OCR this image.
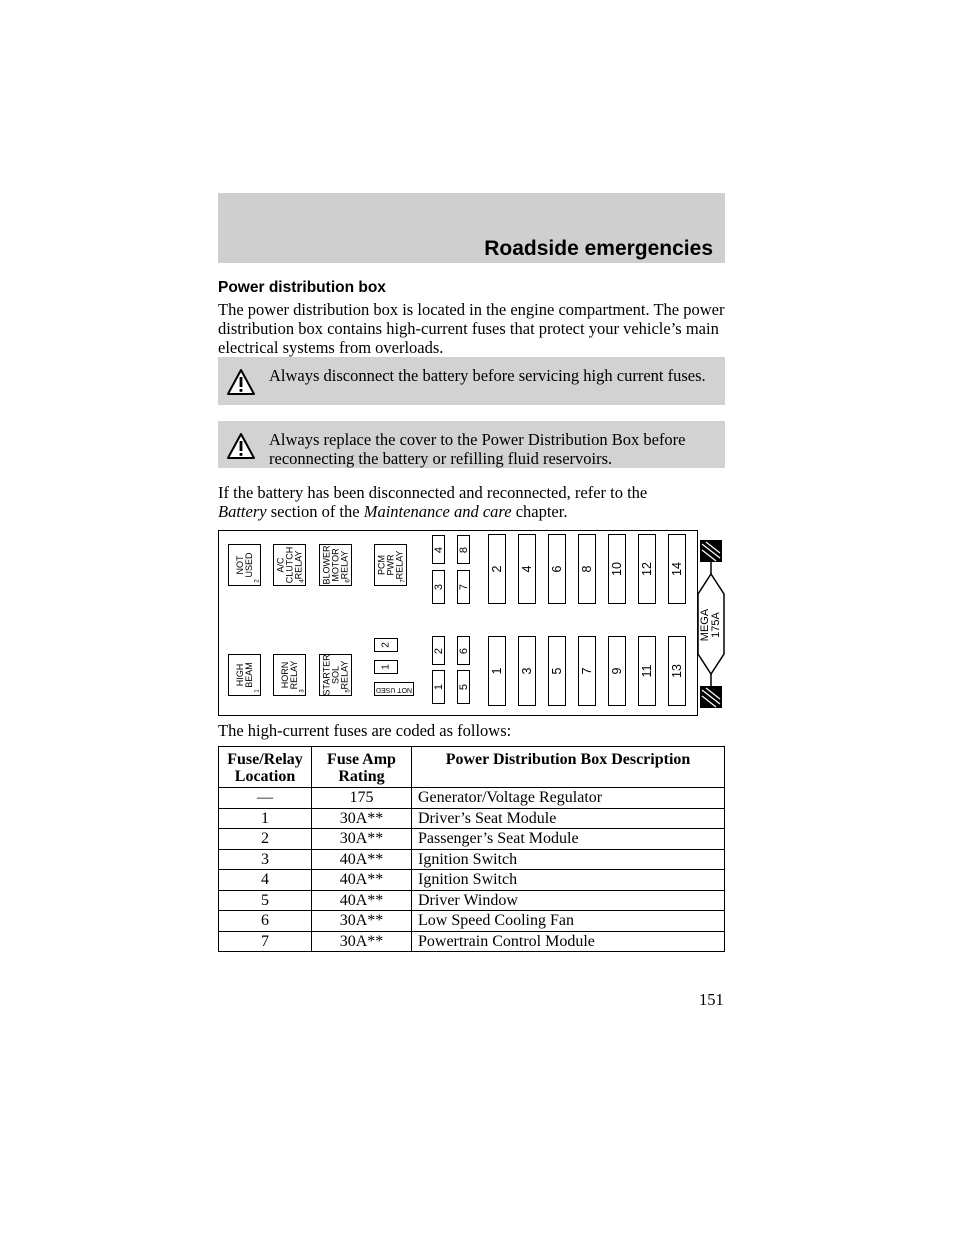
Roadside emergencies
Power distribution box
The power distribution box is located in the engine compartment. The power distribution box contains high-current fuses that protect your vehicle’s main electrical systems from overloads.
Always disconnect the battery before servicing high current fuses.
Always replace the cover to the Power Distribution Box before reconnecting the battery or refilling fluid reservoirs.
If the battery has been disconnected and reconnected, refer to the
Battery section of the Maintenance and care chapter.
NOT
USED
2
A/C
CLUTCH
RELAY
4 BLOWER
MOTOR
RELAY
6
PCM
PWR
RELAY
7
HIGH
BEAM
1
HORN
RELAY
3 STARTER
SOL
RELAY
5
2
1
NOT USED
3
4
7
8
1
2
5
6
2 4 6 8 10 12 14
1 3 5 7 9 11 13
MEGA
175A
The high-current fuses are coded as follows:
Fuse/Relay Location	Fuse Amp Rating	Power Distribution Box Description
—	175	Generator/Voltage Regulator
1	30A**	Driver’s Seat Module
2	30A**	Passenger’s Seat Module
3	40A**	Ignition Switch
4	40A**	Ignition Switch
5	40A**	Driver Window
6	30A**	Low Speed Cooling Fan
7	30A**	Powertrain Control Module
151
